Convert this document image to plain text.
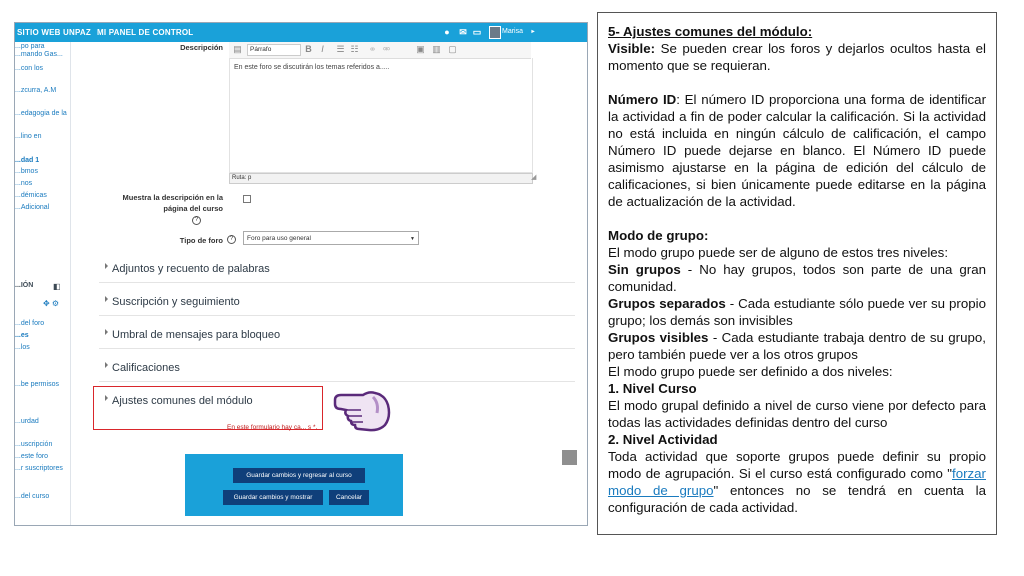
SITIO WEB UNPAZ MI PANEL DE CONTROL	●	✉ ▭	Marisa	▸
...po para
...mando Gas...
...con los
...zcurra, A.M
...edagogia de la
...lino en
...dad 1
...bmos
...nos
...démicas
...Adicional
...IÓN ◧
✥ ⚙
...del foro
...es
...los
...be permisos
...urdad
...uscripción
...este foro
...r suscriptores
...del curso
Descripción ▤	Párrafo	B	I	☰ ☷ ⚭ ⚮	▣ ▥ ▢
En este foro se discutirán los temas referidos a.....
Ruta: p	◢
Muestra la descripción en la
página del curso
?
Tipo de foro	?	Foro para uso general	▼
Adjuntos y recuento de palabras
Suscripción y seguimiento
Umbral de mensajes para bloqueo
Calificaciones
Ajustes comunes del módulo
En este formulario hay ca... s *.
Guardar cambios y regresar al curso
Guardar cambios y mostrar	Cancelar
5- Ajustes comunes del módulo:
Visible: Se pueden crear los foros y dejarlos ocultos hasta el momento que se requieran.
Número ID: El número ID proporciona una forma de identificar la actividad a fin de poder calcular la calificación. Si la actividad no está incluida en ningún cálculo de calificación, el campo Número ID puede dejarse en blanco. El Número ID puede asimismo ajustarse en la página de edición del cálculo de calificaciones, si bien únicamente puede editarse en la página de actualización de la actividad.
Modo de grupo:
El modo grupo puede ser de alguno de estos tres niveles:
Sin grupos - No hay grupos, todos son parte de una gran comunidad.
Grupos separados - Cada estudiante sólo puede ver su propio grupo; los demás son invisibles
Grupos visibles - Cada estudiante trabaja dentro de su grupo, pero también puede ver a los otros grupos
El modo grupo puede ser definido a dos niveles:
1. Nivel Curso
El modo grupal definido a nivel de curso viene por defecto para todas las actividades definidas dentro del curso
2. Nivel Actividad
Toda actividad que soporte grupos puede definir su propio modo de agrupación. Si el curso está configurado como "forzar modo de grupo" entonces no se tendrá en cuenta la configuración de cada actividad.
